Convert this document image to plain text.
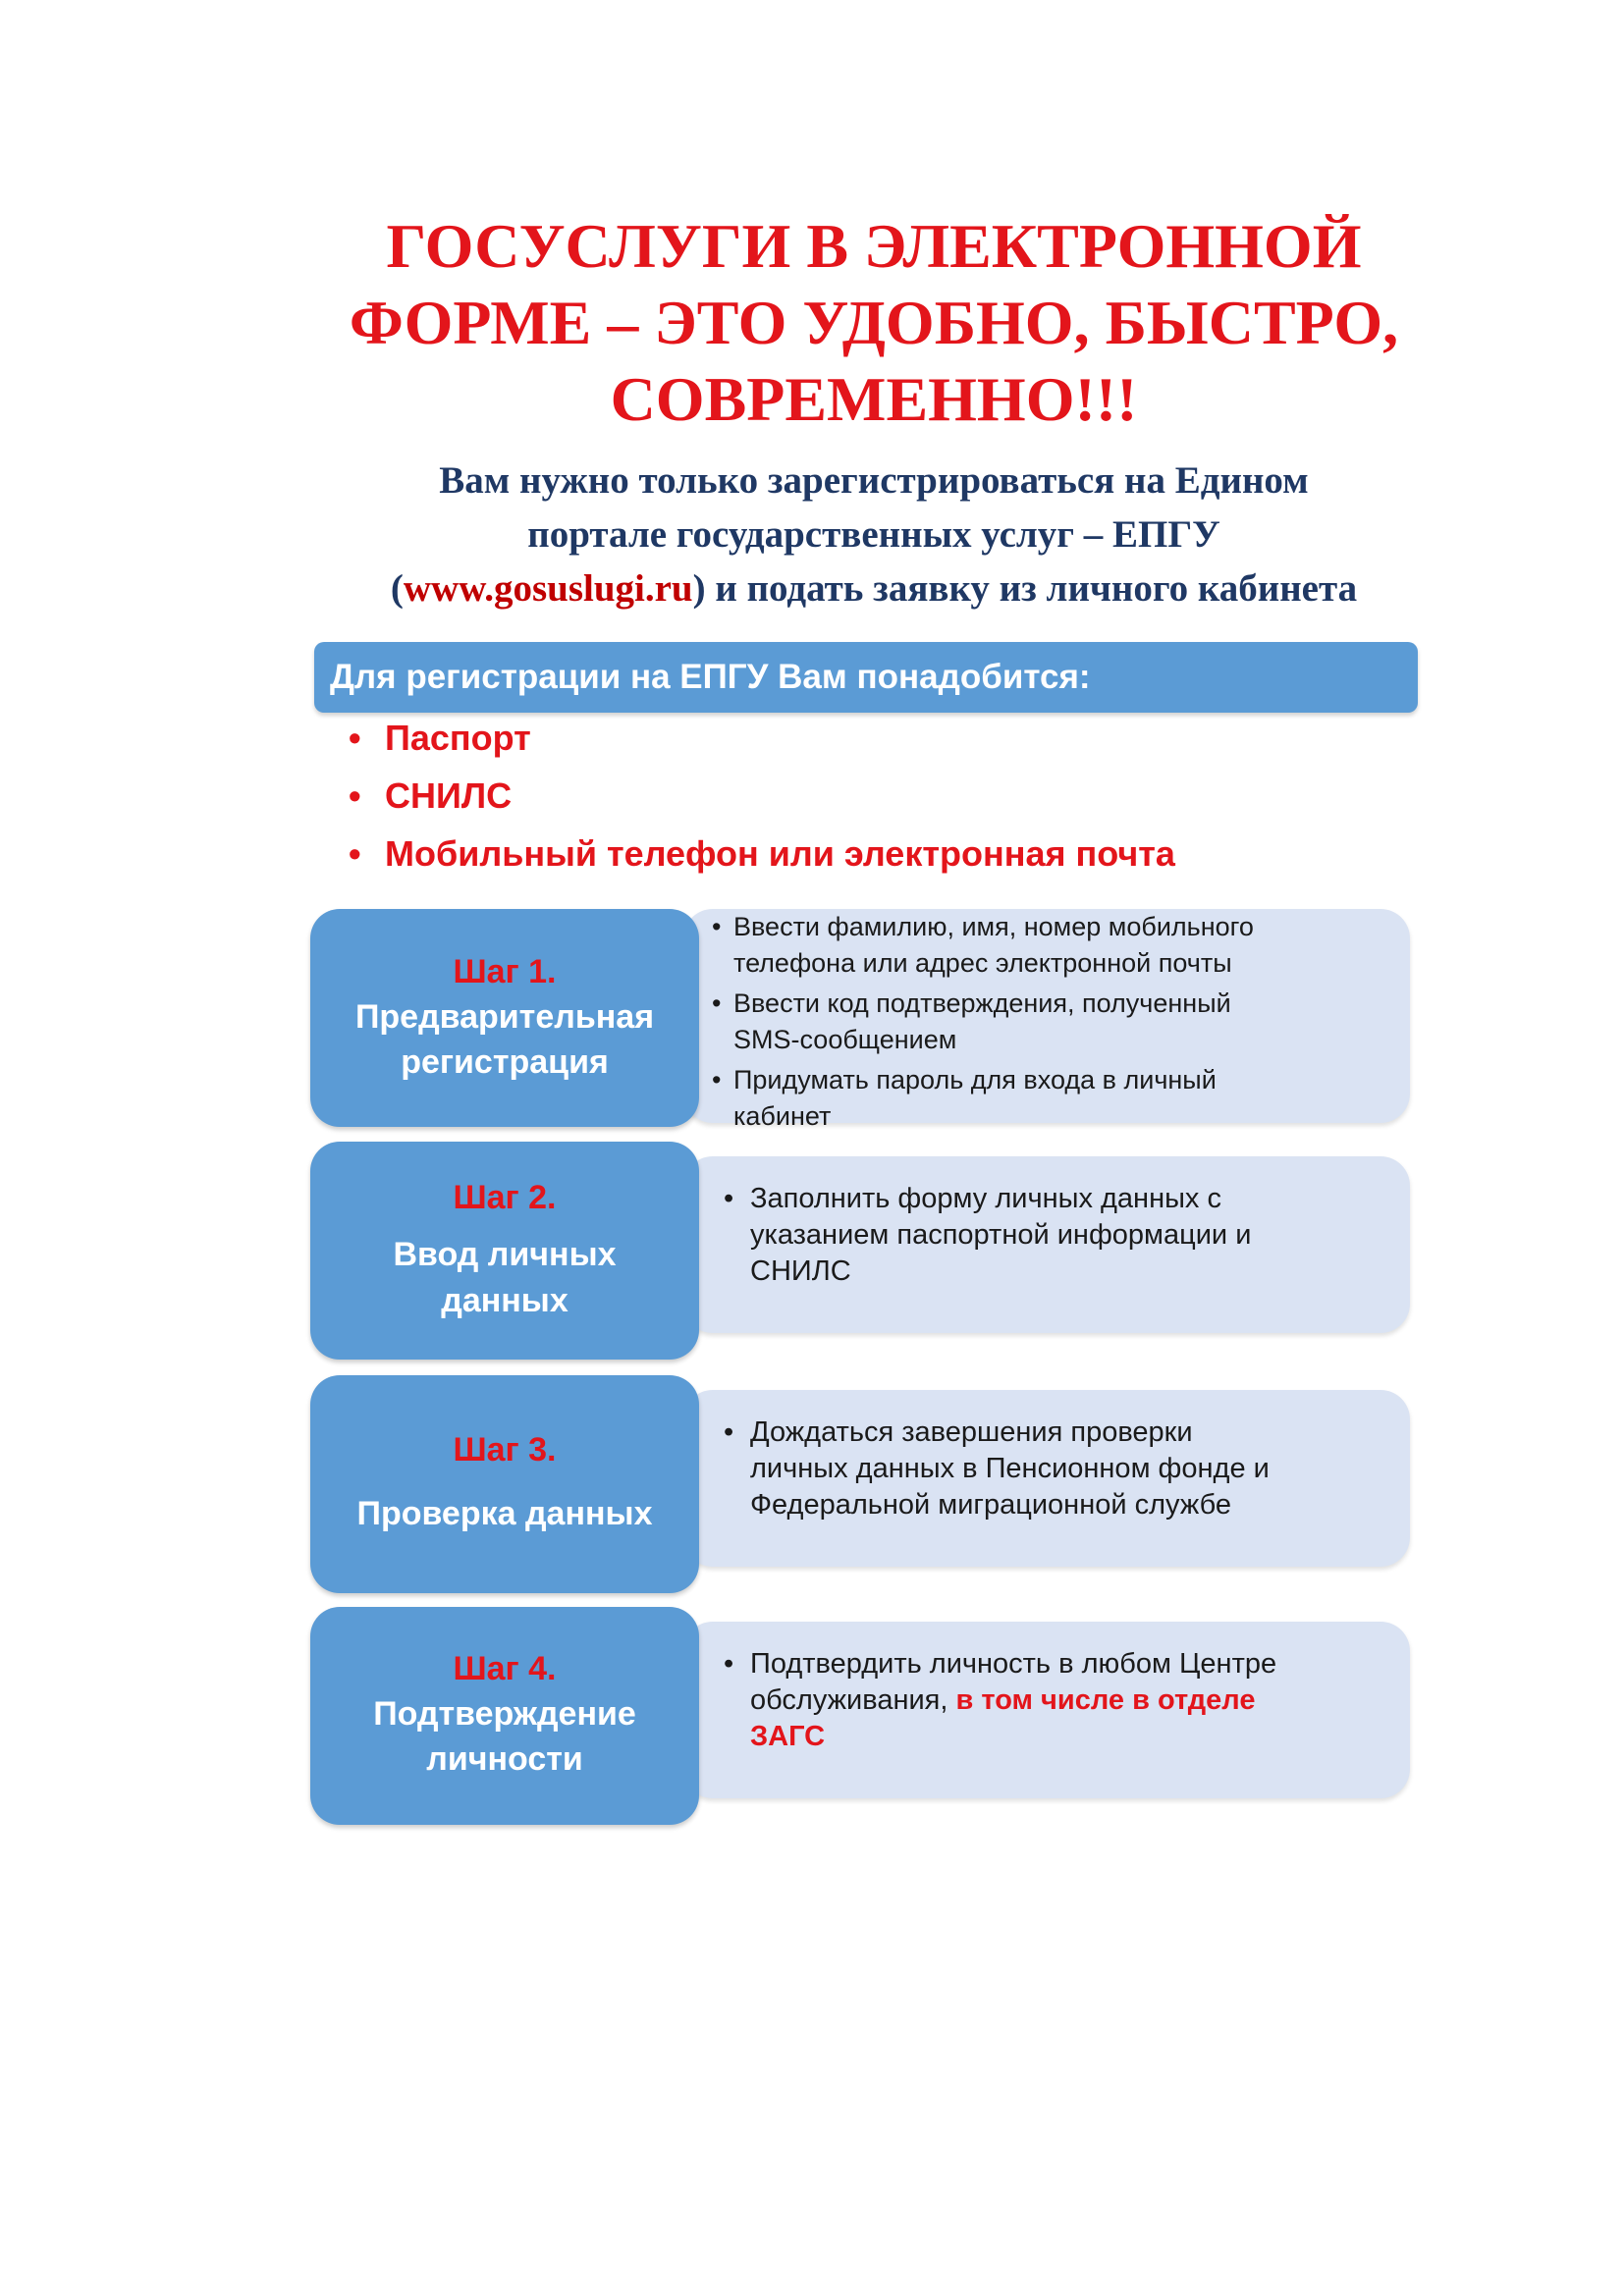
ГОСУСЛУГИ В ЭЛЕКТРОННОЙ
ФОРМЕ – ЭТО УДОБНО, БЫСТРО,
СОВРЕМЕННО!!!
Вам нужно только зарегистрироваться на Едином
портале государственных услуг – ЕПГУ
(www.gosuslugi.ru) и подать заявку из личного кабинета
Для регистрации на ЕПГУ Вам понадобится:
• Паспорт
• СНИЛС
• Мобильный телефон или электронная почта
• Ввести фамилию, имя, номер мобильного
телефона или адрес электронной почты
• Ввести код подтверждения, полученный
SMS-сообщением
• Придумать пароль для входа в личный
кабинет
Шаг 1.
Предварительная
регистрация
• Заполнить форму личных данных с
указанием паспортной информации и
СНИЛС
Шаг 2.
Ввод личных
данных
• Дождаться завершения проверки
личных данных в Пенсионном фонде и
Федеральной миграционной службе
Шаг 3.
Проверка данных
• Подтвердить личность в любом Центре
обслуживания, в том числе в отделе
ЗАГС
Шаг 4.
Подтверждение
личности
